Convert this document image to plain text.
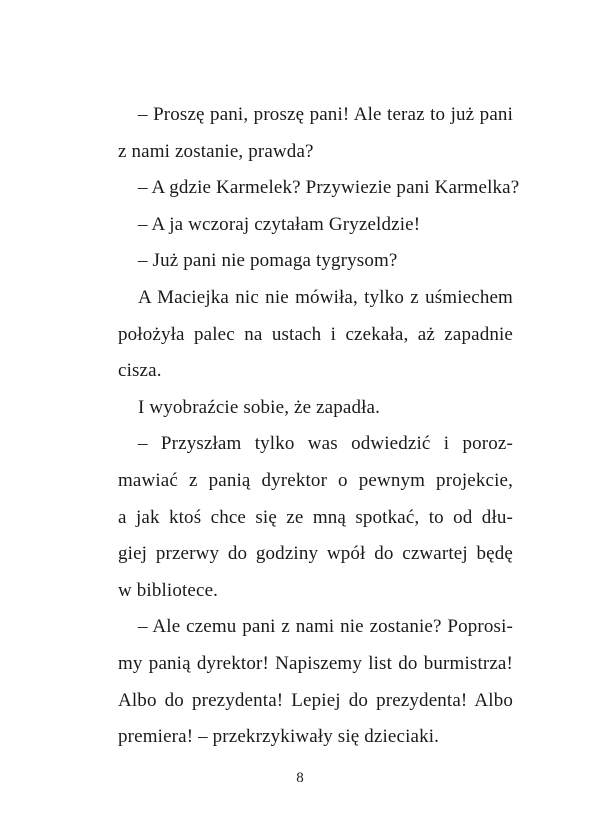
– Proszę pani, proszę pani! Ale teraz to już pani
z nami zostanie, prawda?
– A gdzie Karmelek? Przywiezie pani Karmelka?
– A ja wczoraj czytałam Gryzeldzie!
– Już pani nie pomaga tygrysom?
A Maciejka nic nie mówiła, tylko z uśmiechem
położyła palec na ustach i czekała, aż zapadnie
cisza.
I wyobraźcie sobie, że zapadła.
– Przyszłam tylko was odwiedzić i poroz-
mawiać z panią dyrektor o pewnym projekcie,
a jak ktoś chce się ze mną spotkać, to od dłu-
giej przerwy do godziny wpół do czwartej będę
w bibliotece.
– Ale czemu pani z nami nie zostanie? Poprosi-
my panią dyrektor! Napiszemy list do burmistrza!
Albo do prezydenta! Lepiej do prezydenta! Albo
premiera! – przekrzykiwały się dzieciaki.
8
